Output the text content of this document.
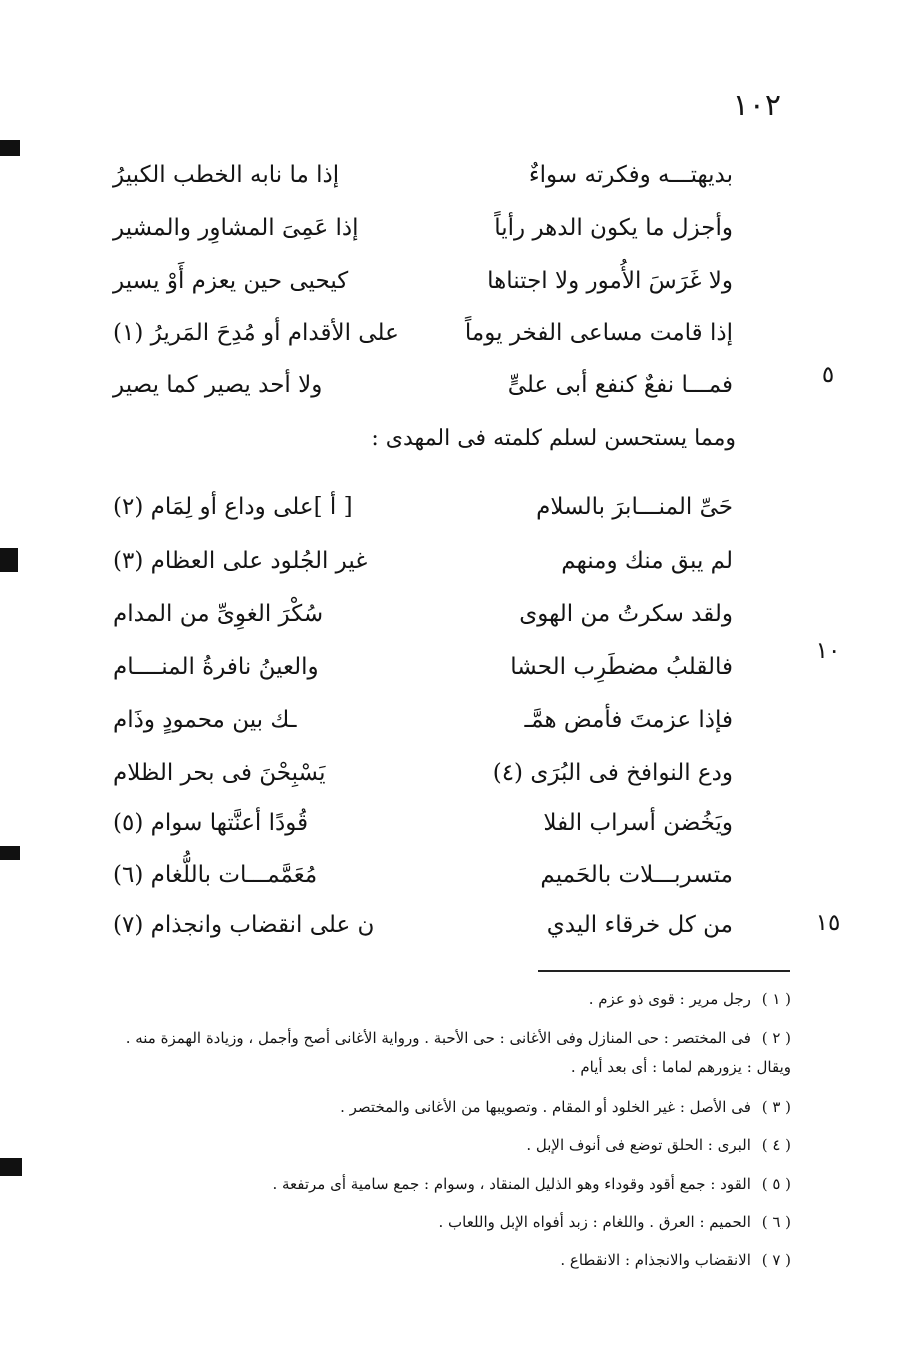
١٠٢
بديهتـــه وفكرته سواءٌ
إذا ما نابه الخطب الكبيرُ
وأجزل ما يكون الدهر رأياً
إذا عَمِىَ المشاوِر والمشير
ولا غَرَسَ الأُمور ولا اجتناها
كيحيى حين يعزم أَوْ يسير
إذا قامت مساعى الفخر يوماً
على الأقدام أو مُدِحَ المَريرُ (١)
فمـــا نفعٌ كنفع أبى علىٍّ
ولا أحد يصير كما يصير
ومما يستحسن لسلم كلمته فى المهدى :
حَىِّ المنـــابرَ بالسلام
[ أ ]على وداع أو لِمَام (٢)
لم يبق منك ومنهم
غير الجُلود على العظام (٣)
ولقد سكرتُ من الهوى
سُكْرَ الغوِىِّ من المدام
فالقلبُ مضطَرِب الحشا
والعينُ نافرةُ المنــــام
فإذا عزمتَ فأمض همَّـ
ـك بين محمودٍ وذَام
ودع النوافخ فى البُرَى (٤)
يَسْبِحْنَ فى بحر الظلام
ويَخُضن أسراب الفلا
قُودًا أعنَّتها سوام (٥)
متسربـــلات بالحَميم
مُعَمَّمـــات باللُّغام (٦)
من كل خرقاء اليدي
ن على انقضاب وانجذام (٧)
٥
١٠
١٥
( ١ ) رجل مرير : قوى ذو عزم .
( ٢ ) فى المختصر : حى المنازل وفى الأغانى : حى الأحبة . ورواية الأغانى أصح وأجمل ، وزيادة الهمزة منه . ويقال : يزورهم لماما : أى بعد أيام .
( ٣ ) فى الأصل : غير الخلود أو المقام . وتصويبها من الأغانى والمختصر .
( ٤ ) البرى : الحلق توضع فى أنوف الإبل .
( ٥ ) القود : جمع أقود وقوداء وهو الذليل المنقاد ، وسوام : جمع سامية أى مرتفعة .
( ٦ ) الحميم : العرق . واللغام : زبد أفواه الإبل واللعاب .
( ٧ ) الانقضاب والانجذام : الانقطاع .
